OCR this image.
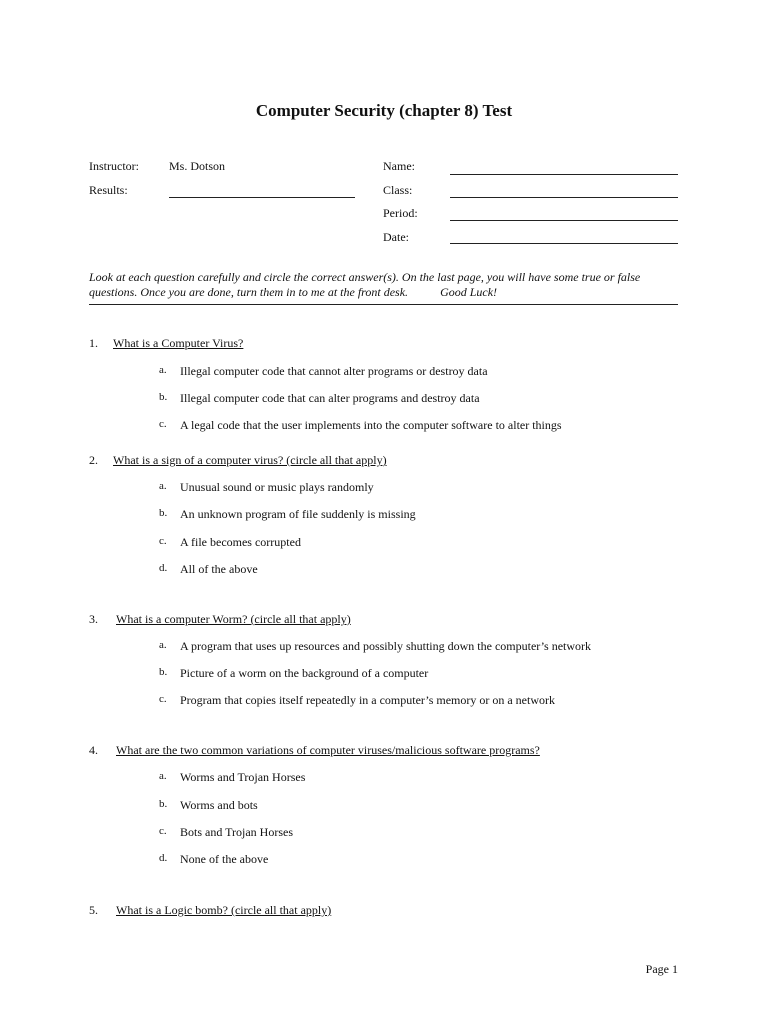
Computer Security (chapter 8) Test
Instructor:	Ms. Dotson
Results:
Name:
Class:
Period:
Date:
Look at each question carefully and circle the correct answer(s). On the last page, you will have some true or false questions. Once you are done, turn them in to me at the front desk.	Good Luck!
1. What is a Computer Virus?
a. Illegal computer code that cannot alter programs or destroy data
b. Illegal computer code that can alter programs and destroy data
c. A legal code that the user implements into the computer software to alter things
2. What is a sign of a computer virus? (circle all that apply)
a. Unusual sound or music plays randomly
b. An unknown program of file suddenly is missing
c. A file becomes corrupted
d. All of the above
3. What is a computer Worm? (circle all that apply)
a. A program that uses up resources and possibly shutting down the computer’s network
b. Picture of a worm on the background of a computer
c. Program that copies itself repeatedly in a computer’s memory or on a network
4. What are the two common variations of computer viruses/malicious software programs?
a. Worms and Trojan Horses
b. Worms and bots
c. Bots and Trojan Horses
d. None of the above
5. What is a Logic bomb? (circle all that apply)
Page 1
